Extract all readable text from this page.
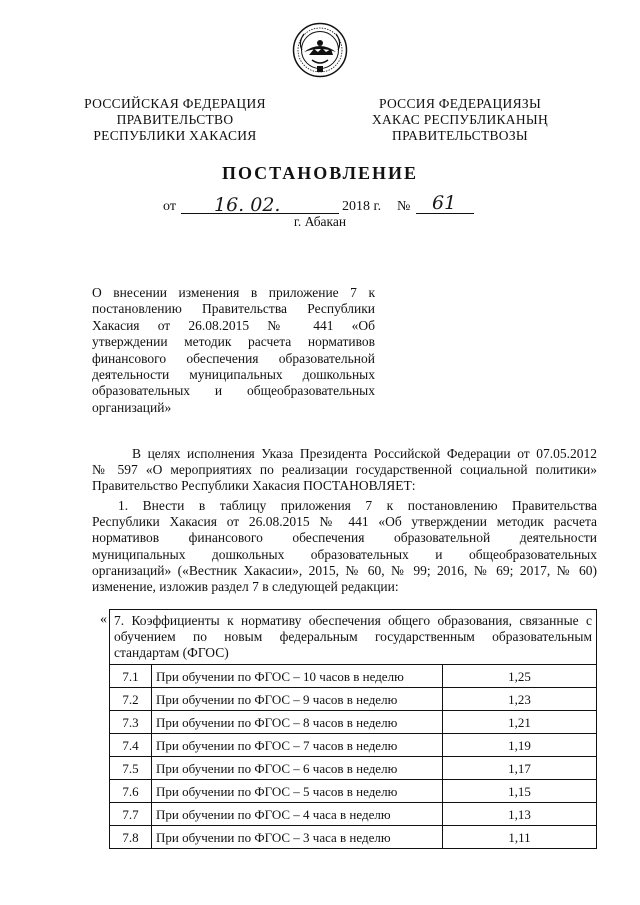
РОССИЙСКАЯ ФЕДЕРАЦИЯ
ПРАВИТЕЛЬСТВО
РЕСПУБЛИКИ ХАКАСИЯ
РОССИЯ ФЕДЕРАЦИЯЗЫ
ХАКАС РЕСПУБЛИКАНЫҢ
ПРАВИТЕЛЬСТВОЗЫ
ПОСТАНОВЛЕНИЕ
от 16. 02.	2018 г. № 61
г. Абакан
О внесении изменения в приложение 7 к
постановлению Правительства Республики
Хакасия от 26.08.2015 № 441 «Об
утверждении методик расчета нормативов
финансового обеспечения образовательной
деятельности муниципальных дошкольных
образовательных и общеобразовательных
организаций»
В целях исполнения Указа Президента Российской Федерации от 07.05.2012
№ 597 «О мероприятиях по реализации государственной социальной политики»
Правительство Республики Хакасия ПОСТАНОВЛЯЕТ:
1. Внести в таблицу приложения 7 к постановлению Правительства
Республики Хакасия от 26.08.2015 № 441 «Об утверждении методик расчета
нормативов финансового обеспечения образовательной деятельности
муниципальных дошкольных образовательных и общеобразовательных
организаций» («Вестник Хакасии», 2015, № 60, № 99; 2016, № 69; 2017, № 60)
изменение, изложив раздел 7 в следующей редакции:
« 7. Коэффициенты к нормативу обеспечения общего образования, связанные с
обучением по новым федеральным государственным образовательным
стандартам (ФГОС)		

7.1	При обучении по ФГОС – 10 часов в неделю	1,25
7.2	При обучении по ФГОС – 9 часов в неделю	1,23
7.3	При обучении по ФГОС – 8 часов в неделю	1,21
7.4	При обучении по ФГОС – 7 часов в неделю	1,19
7.5	При обучении по ФГОС – 6 часов в неделю	1,17
7.6	При обучении по ФГОС – 5 часов в неделю	1,15
7.7	При обучении по ФГОС – 4 часа в неделю	1,13
7.8	При обучении по ФГОС – 3 часа в неделю	1,11
